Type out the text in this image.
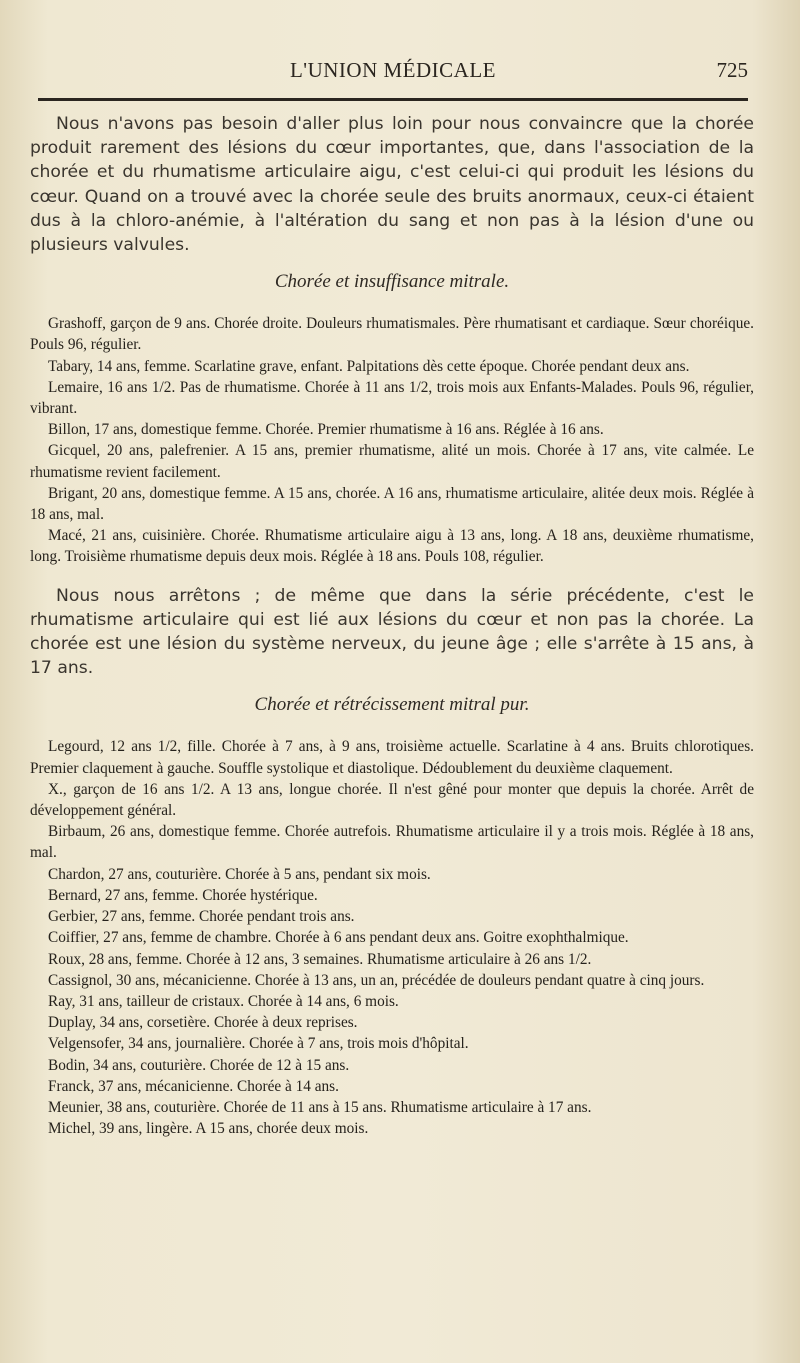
L'UNION MÉDICALE	725

Nous n'avons pas besoin d'aller plus loin pour nous convaincre que la chorée produit rarement des lésions du cœur importantes, que, dans l'association de la chorée et du rhumatisme articulaire aigu, c'est celui-ci qui produit les lésions du cœur. Quand on a trouvé avec la chorée seule des bruits anormaux, ceux-ci étaient dus à la chloro-anémie, à l'altération du sang et non pas à la lésion d'une ou plusieurs valvules.

Chorée et insuffisance mitrale.

Grashoff, garçon de 9 ans. Chorée droite. Douleurs rhumatismales. Père rhumatisant et cardiaque. Sœur choréique. Pouls 96, régulier.

Tabary, 14 ans, femme. Scarlatine grave, enfant. Palpitations dès cette époque. Chorée pendant deux ans.

Lemaire, 16 ans 1/2. Pas de rhumatisme. Chorée à 11 ans 1/2, trois mois aux Enfants-Malades. Pouls 96, régulier, vibrant.

Billon, 17 ans, domestique femme. Chorée. Premier rhumatisme à 16 ans. Réglée à 16 ans.

Gicquel, 20 ans, palefrenier. A 15 ans, premier rhumatisme, alité un mois. Chorée à 17 ans, vite calmée. Le rhumatisme revient facilement.

Brigant, 20 ans, domestique femme. A 15 ans, chorée. A 16 ans, rhumatisme articulaire, alitée deux mois. Réglée à 18 ans, mal.

Macé, 21 ans, cuisinière. Chorée. Rhumatisme articulaire aigu à 13 ans, long. A 18 ans, deuxième rhumatisme, long. Troisième rhumatisme depuis deux mois. Réglée à 18 ans. Pouls 108, régulier.

Nous nous arrêtons ; de même que dans la série précédente, c'est le rhumatisme articulaire qui est lié aux lésions du cœur et non pas la chorée. La chorée est une lésion du système nerveux, du jeune âge ; elle s'arrête à 15 ans, à 17 ans.

Chorée et rétrécissement mitral pur.

Legourd, 12 ans 1/2, fille. Chorée à 7 ans, à 9 ans, troisième actuelle. Scarlatine à 4 ans. Bruits chlorotiques. Premier claquement à gauche. Souffle systolique et diastolique. Dédoublement du deuxième claquement.

X., garçon de 16 ans 1/2. A 13 ans, longue chorée. Il n'est gêné pour monter que depuis la chorée. Arrêt de développement général.

Birbaum, 26 ans, domestique femme. Chorée autrefois. Rhumatisme articulaire il y a trois mois. Réglée à 18 ans, mal.

Chardon, 27 ans, couturière. Chorée à 5 ans, pendant six mois.

Bernard, 27 ans, femme. Chorée hystérique.

Gerbier, 27 ans, femme. Chorée pendant trois ans.

Coiffier, 27 ans, femme de chambre. Chorée à 6 ans pendant deux ans. Goitre exophthalmique.

Roux, 28 ans, femme. Chorée à 12 ans, 3 semaines. Rhumatisme articulaire à 26 ans 1/2.

Cassignol, 30 ans, mécanicienne. Chorée à 13 ans, un an, précédée de douleurs pendant quatre à cinq jours.

Ray, 31 ans, tailleur de cristaux. Chorée à 14 ans, 6 mois.

Duplay, 34 ans, corsetière. Chorée à deux reprises.

Velgensofer, 34 ans, journalière. Chorée à 7 ans, trois mois d'hôpital.

Bodin, 34 ans, couturière. Chorée de 12 à 15 ans.

Franck, 37 ans, mécanicienne. Chorée à 14 ans.

Meunier, 38 ans, couturière. Chorée de 11 ans à 15 ans. Rhumatisme articulaire à 17 ans.

Michel, 39 ans, lingère. A 15 ans, chorée deux mois.
